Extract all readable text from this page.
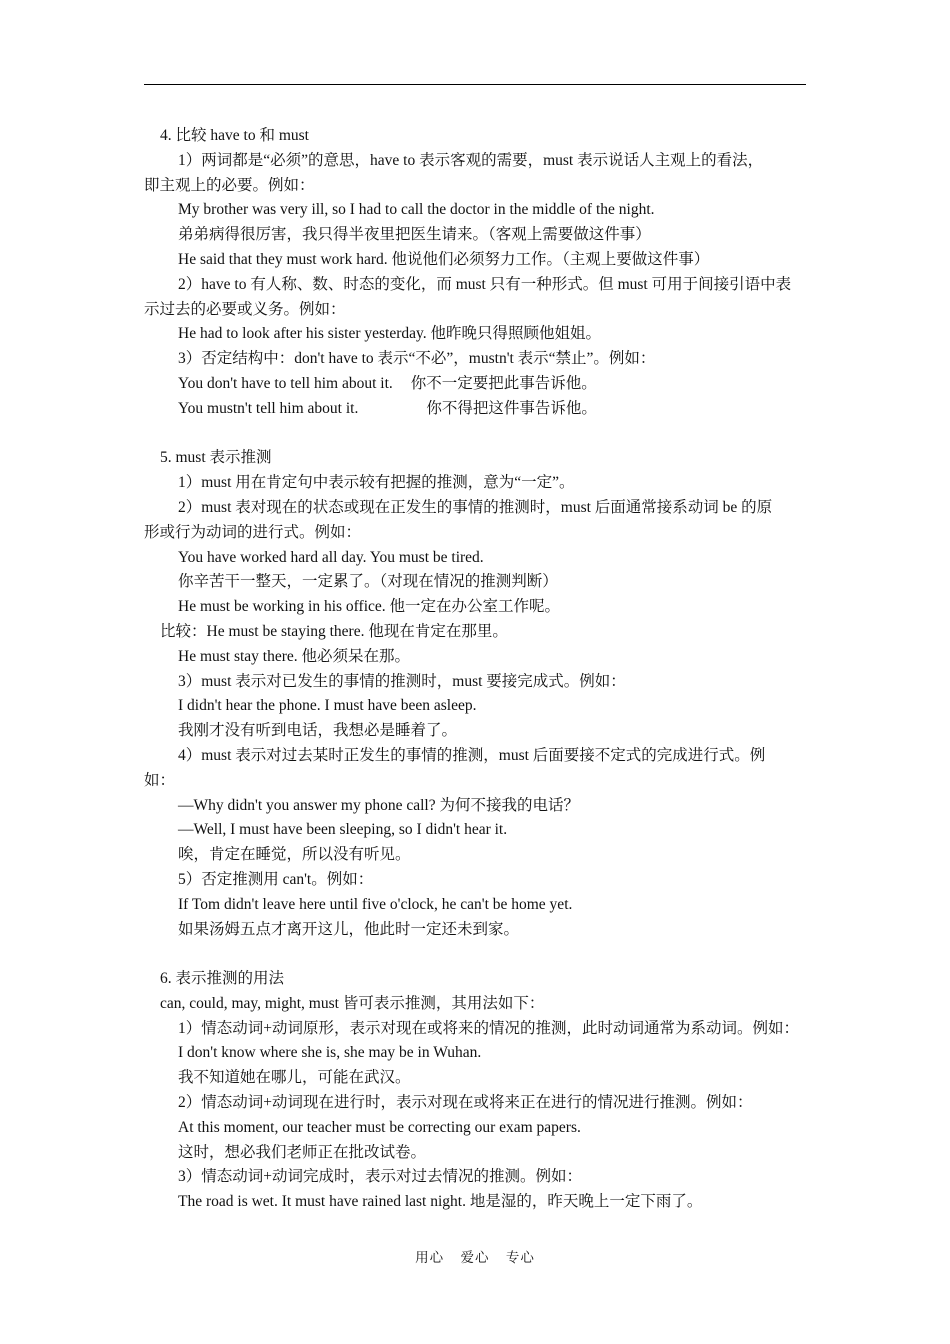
4. 比较 have to 和 must
1）两词都是“必须”的意思，have to 表示客观的需要，must 表示说话人主观上的看法，
即主观上的必要。例如：
My brother was very ill, so I had to call the doctor in the middle of the night.
弟弟病得很厉害，我只得半夜里把医生请来。（客观上需要做这件事）
He said that they must work hard. 他说他们必须努力工作。（主观上要做这件事）
2）have to 有人称、数、时态的变化，而 must 只有一种形式。但 must 可用于间接引语中表
示过去的必要或义务。例如：
He had to look after his sister yesterday. 他昨晚只得照顾他姐姐。
3）否定结构中：don't have to 表示“不必”，mustn't 表示“禁止”。例如：
You don't have to tell him about it. 你不一定要把此事告诉他。
You mustn't tell him about it.	你不得把这件事告诉他。
5. must 表示推测
1）must 用在肯定句中表示较有把握的推测，意为“一定”。
2）must 表对现在的状态或现在正发生的事情的推测时，must 后面通常接系动词 be 的原
形或行为动词的进行式。例如：
You have worked hard all day. You must be tired.
你辛苦干一整天，一定累了。（对现在情况的推测判断）
He must be working in his office. 他一定在办公室工作呢。
比较：He must be staying there. 他现在肯定在那里。
He must stay there. 他必须呆在那。
3）must 表示对已发生的事情的推测时，must 要接完成式。例如：
I didn't hear the phone. I must have been asleep.
我刚才没有听到电话，我想必是睡着了。
4）must 表示对过去某时正发生的事情的推测，must 后面要接不定式的完成进行式。例
如：
—Why didn't you answer my phone call? 为何不接我的电话？
—Well, I must have been sleeping, so I didn't hear it.
唉，肯定在睡觉，所以没有听见。
5）否定推测用 can't。例如：
If Tom didn't leave here until five o'clock, he can't be home yet.
如果汤姆五点才离开这儿，他此时一定还未到家。
6. 表示推测的用法
can, could, may, might, must 皆可表示推测，其用法如下：
1）情态动词+动词原形，表示对现在或将来的情况的推测，此时动词通常为系动词。例如：
I don't know where she is, she may be in Wuhan.
我不知道她在哪儿，可能在武汉。
2）情态动词+动词现在进行时，表示对现在或将来正在进行的情况进行推测。例如：
At this moment, our teacher must be correcting our exam papers.
这时，想必我们老师正在批改试卷。
3）情态动词+动词完成时，表示对过去情况的推测。例如：
The road is wet. It must have rained last night. 地是湿的，昨天晚上一定下雨了。
用心 爱心 专心
